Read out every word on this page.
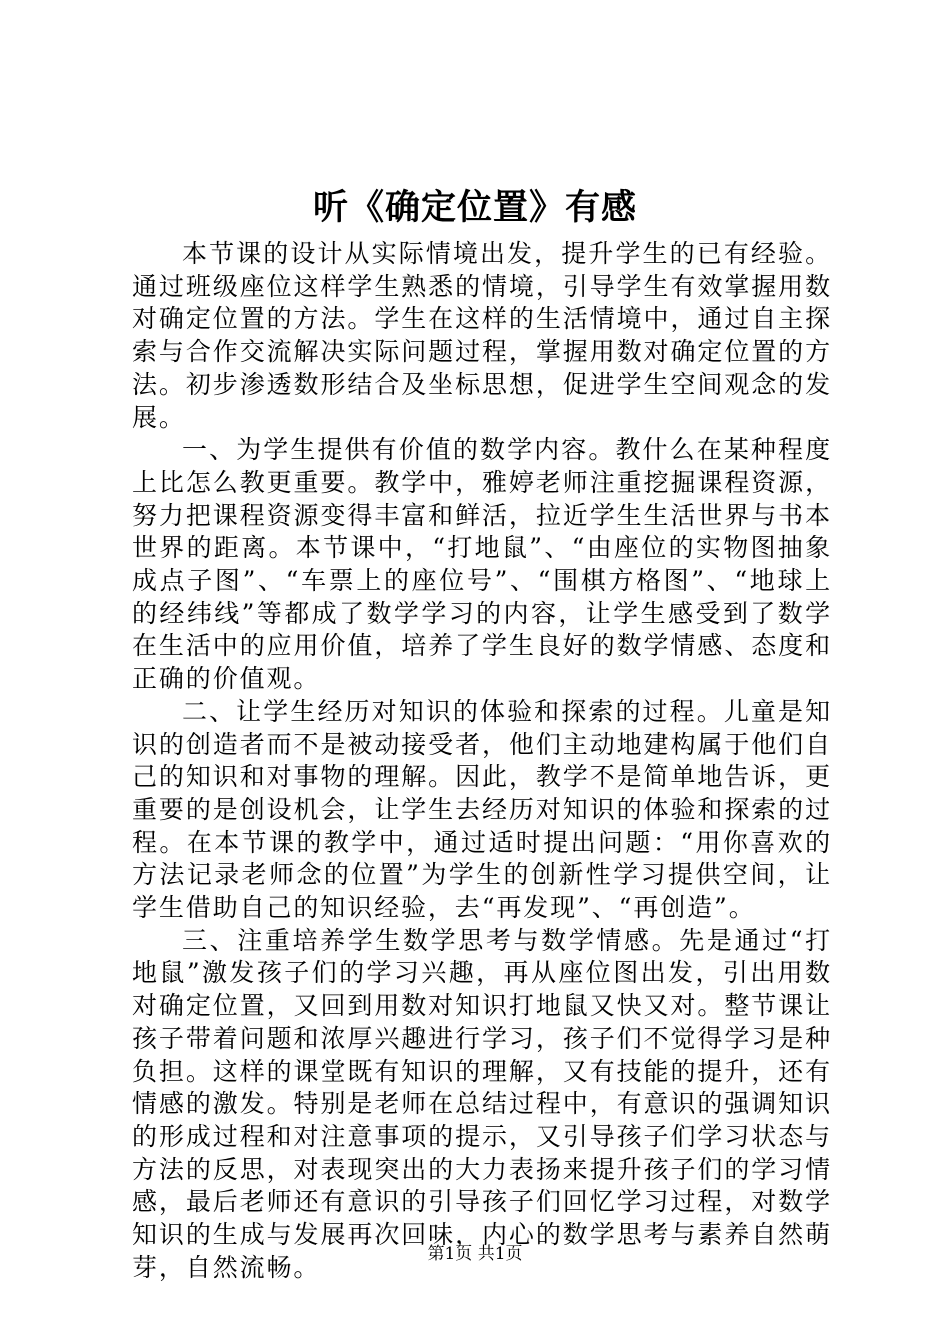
听《确定位置》有感

本节课的设计从实际情境出发，提升学生的已有经验。通过班级座位这样学生熟悉的情境，引导学生有效掌握用数对确定位置的方法。学生在这样的生活情境中，通过自主探索与合作交流解决实际问题过程，掌握用数对确定位置的方法。初步渗透数形结合及坐标思想，促进学生空间观念的发展。

一、为学生提供有价值的数学内容。教什么在某种程度上比怎么教更重要。教学中，雅婷老师注重挖掘课程资源，努力把课程资源变得丰富和鲜活，拉近学生生活世界与书本世界的距离。本节课中，“打地鼠”、“由座位的实物图抽象成点子图”、“车票上的座位号”、“围棋方格图”、“地球上的经纬线”等都成了数学学习的内容，让学生感受到了数学在生活中的应用价值，培养了学生良好的数学情感、态度和正确的价值观。

二、让学生经历对知识的体验和探索的过程。儿童是知识的创造者而不是被动接受者，他们主动地建构属于他们自己的知识和对事物的理解。因此，教学不是简单地告诉，更重要的是创设机会，让学生去经历对知识的体验和探索的过程。在本节课的教学中，通过适时提出问题：“用你喜欢的方法记录老师念的位置”为学生的创新性学习提供空间，让学生借助自己的知识经验，去“再发现”、“再创造”。

三、注重培养学生数学思考与数学情感。先是通过“打地鼠”激发孩子们的学习兴趣，再从座位图出发，引出用数对确定位置，又回到用数对知识打地鼠又快又对。整节课让孩子带着问题和浓厚兴趣进行学习，孩子们不觉得学习是种负担。这样的课堂既有知识的理解，又有技能的提升，还有情感的激发。特别是老师在总结过程中，有意识的强调知识的形成过程和对注意事项的提示，又引导孩子们学习状态与方法的反思，对表现突出的大力表扬来提升孩子们的学习情感，最后老师还有意识的引导孩子们回忆学习过程，对数学知识的生成与发展再次回味，内心的数学思考与素养自然萌芽，自然流畅。	第1页 共1页
